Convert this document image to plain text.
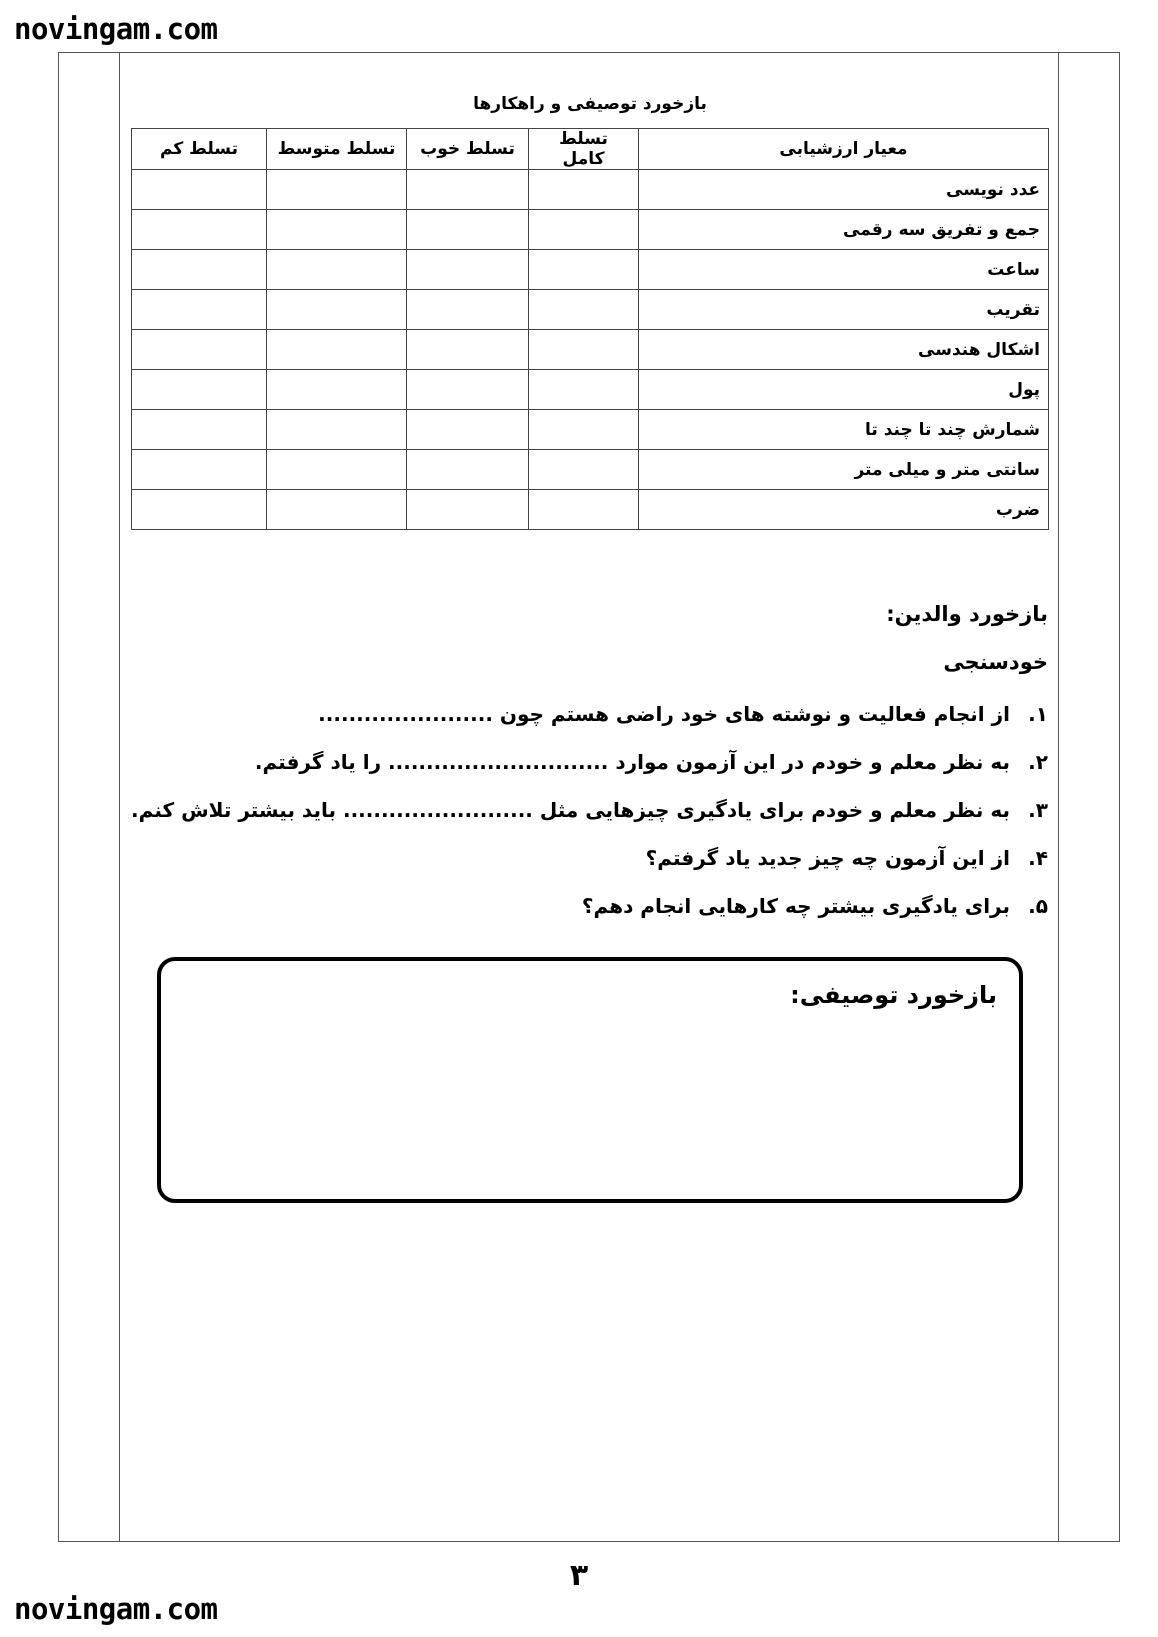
novingam.com
بازخورد توصیفی و راهکارها
معیار ارزشیابی	تسلط کامل	تسلط خوب	تسلط متوسط	تسلط کم
عدد نویسی				
جمع و تفریق سه رقمی				
ساعت				
تقریب				
اشکال هندسی				
پول				
شمارش چند تا چند تا				
سانتی متر و میلی متر				
ضرب				
بازخورد والدین:
خودسنجی
۱.
از انجام فعالیت و نوشته های خود راضی هستم چون .......................
۲.
به نظر معلم و خودم در این آزمون موارد ............................. را یاد گرفتم.
۳.
به نظر معلم و خودم برای یادگیری چیزهایی مثل ......................... باید بیشتر تلاش کنم.
۴.
از این آزمون چه چیز جدید یاد گرفتم؟
۵.
برای یادگیری بیشتر چه کارهایی انجام دهم؟
بازخورد توصیفی:
۳
novingam.com
